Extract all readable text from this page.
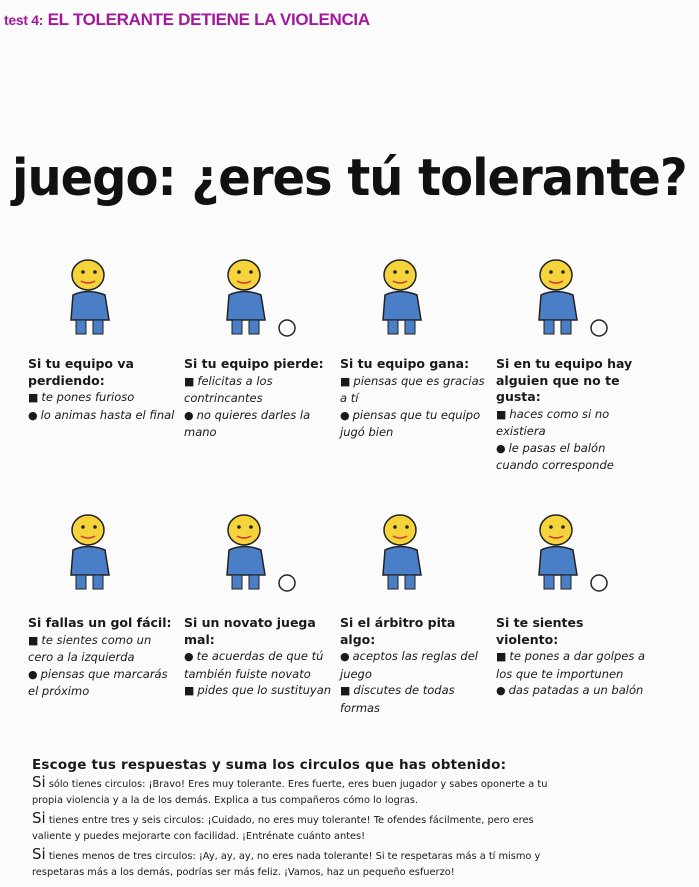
test 4: EL TOLERANTE DETIENE LA VIOLENCIA
juego: ¿eres tú tolerante?

Si tu equipo va perdiendo:

■ te pones furioso

● lo animas hasta el final

Si tu equipo pierde:

■ felicitas a los contrincantes

● no quieres darles la mano

Si tu equipo gana:

■ piensas que es gracias a tí

● piensas que tu equipo jugó bien

Si en tu equipo hay alguien que no te gusta:

■ haces como si no existiera

● le pasas el balón cuando corresponde

Si fallas un gol fácil:

■ te sientes como un cero a la izquierda

● piensas que marcarás el próximo

Si un novato juega mal:

● te acuerdas de que tú también fuiste novato

■ pides que lo sustituyan

Si el árbitro pita algo:

● aceptos las reglas del juego

■ discutes de todas formas

Si te sientes violento:

■ te pones a dar golpes a los que te importunen

● das patadas a un balón

Escoge tus respuestas y suma los circulos que has obtenido:

Si sólo tienes circulos: ¡Bravo! Eres muy tolerante. Eres fuerte, eres buen jugador y sabes oponerte a tu propia violencia y a la de los demás. Explica a tus compañeros cómo lo logras.

Si tienes entre tres y seis circulos: ¡Cuidado, no eres muy tolerante! Te ofendes fácilmente, pero eres valiente y puedes mejorarte con facilidad. ¡Entrénate cuánto antes!

Si tienes menos de tres circulos: ¡Ay, ay, ay, no eres nada tolerante! Si te respetaras más a tí mismo y respetaras más a los demás, podrías ser más feliz. ¡Vamos, haz un pequeño esfuerzo!
